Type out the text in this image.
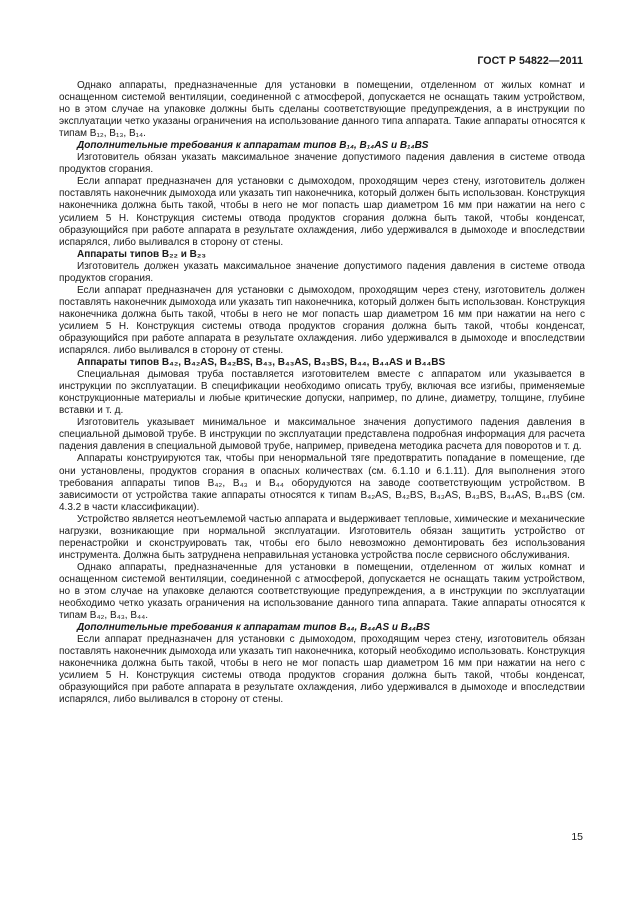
ГОСТ Р 54822—2011

Однако аппараты, предназначенные для установки в помещении, отделенном от жилых комнат и оснащенном системой вентиляции, соединенной с атмосферой, допускается не оснащать таким устройством, но в этом случае на упаковке должны быть сделаны соответствующие предупреждения, а в инструкции по эксплуатации четко указаны ограничения на использование данного типа аппарата. Такие аппараты относятся к типам B₁₂, B₁₃, B₁₄.

Дополнительные требования к аппаратам типов B₁₄, B₁₄AS и B₁₄BS

Изготовитель обязан указать максимальное значение допустимого падения давления в системе отвода продуктов сгорания.

Если аппарат предназначен для установки с дымоходом, проходящим через стену, изготовитель должен поставлять наконечник дымохода или указать тип наконечника, который должен быть использован. Конструкция наконечника должна быть такой, чтобы в него не мог попасть шар диаметром 16 мм при нажатии на него с усилием 5 Н. Конструкция системы отвода продуктов сгорания должна быть такой, чтобы конденсат, образующийся при работе аппарата в результате охлаждения, либо удерживался в дымоходе и впоследствии испарялся, либо выливался в сторону от стены.

Аппараты типов B₂₂ и B₂₃

Изготовитель должен указать максимальное значение допустимого падения давления в системе отвода продуктов сгорания.

Если аппарат предназначен для установки с дымоходом, проходящим через стену, изготовитель должен поставлять наконечник дымохода или указать тип наконечника, который должен быть использован. Конструкция наконечника должна быть такой, чтобы в него не мог попасть шар диаметром 16 мм при нажатии на него с усилием 5 Н. Конструкция системы отвода продуктов сгорания должна быть такой, чтобы конденсат, образующийся при работе аппарата в результате охлаждения. либо удерживался в дымоходе и впоследствии испарялся. либо выливался в сторону от стены.

Аппараты типов B₄₂, B₄₂AS, B₄₂BS, B₄₃, B₄₃AS, B₄₃BS, B₄₄, B₄₄AS и B₄₄BS

Специальная дымовая труба поставляется изготовителем вместе с аппаратом или указывается в инструкции по эксплуатации. В спецификации необходимо описать трубу, включая все изгибы, применяемые конструкционные материалы и любые критические допуски, например, по длине, диаметру, толщине, глубине вставки и т. д.

Изготовитель указывает минимальное и максимальное значения допустимого падения давления в специальной дымовой трубе. В инструкции по эксплуатации представлена подробная информация для расчета падения давления в специальной дымовой трубе, например, приведена методика расчета для поворотов и т. д.

Аппараты конструируются так, чтобы при ненормальной тяге предотвратить попадание в помещение, где они установлены, продуктов сгорания в опасных количествах (см. 6.1.10 и 6.1.11). Для выполнения этого требования аппараты типов B₄₂, B₄₃ и B₄₄ оборудуются на заводе соответствующим устройством. В зависимости от устройства такие аппараты относятся к типам B₄₂AS, B₄₂BS, B₄₃AS, B₄₃BS, B₄₄AS, B₄₄BS (см. 4.3.2 в части классификации).

Устройство является неотъемлемой частью аппарата и выдерживает тепловые, химические и механические нагрузки, возникающие при нормальной эксплуатации. Изготовитель обязан защитить устройство от перенастройки и сконструировать так, чтобы его было невозможно демонтировать без использования инструмента. Должна быть затруднена неправильная установка устройства после сервисного обслуживания.

Однако аппараты, предназначенные для установки в помещении, отделенном от жилых комнат и оснащенном системой вентиляции, соединенной с атмосферой, допускается не оснащать таким устройством, но в этом случае на упаковке делаются соответствующие предупреждения, а в инструкции по эксплуатации необходимо четко указать ограничения на использование данного типа аппарата. Такие аппараты относятся к типам B₄₂, B₄₃, B₄₄.

Дополнительные требования к аппаратам типов B₄₄, B₄₄AS и B₄₄BS

Если аппарат предназначен для установки с дымоходом, проходящим через стену, изготовитель обязан поставлять наконечник дымохода или указать тип наконечника, который необходимо использовать. Конструкция наконечника должна быть такой, чтобы в него не мог попасть шар диаметром 16 мм при нажатии на него с усилием 5 Н. Конструкция системы отвода продуктов сгорания должна быть такой, чтобы конденсат, образующийся при работе аппарата в результате охлаждения, либо удерживался в дымоходе и впоследствии испарялся, либо выливался в сторону от стены.

15
